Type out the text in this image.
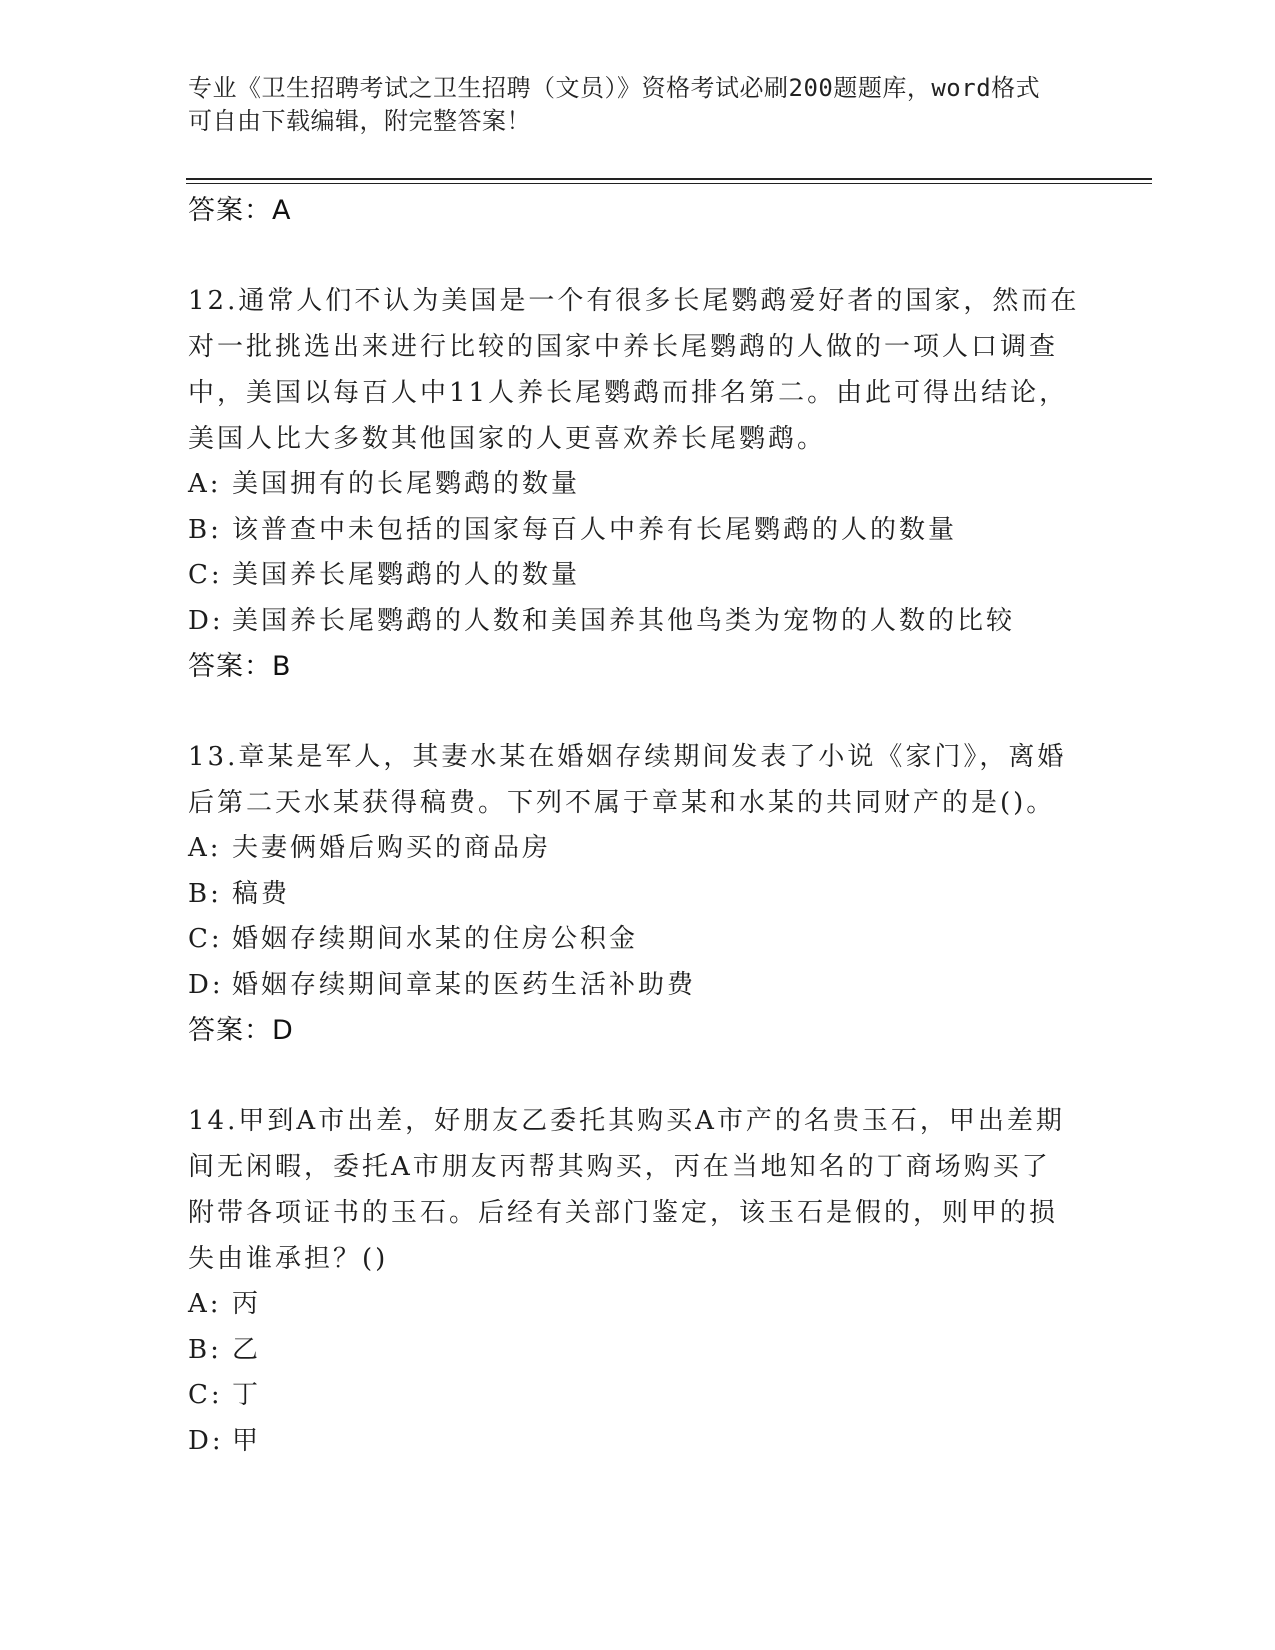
专业《卫生招聘考试之卫生招聘（文员）》资格考试必刷200题题库，word格式
可自由下载编辑，附完整答案！
答案：A
12.通常人们不认为美国是一个有很多长尾鹦鹉爱好者的国家，然而在
对一批挑选出来进行比较的国家中养长尾鹦鹉的人做的一项人口调查
中，美国以每百人中11人养长尾鹦鹉而排名第二。由此可得出结论，
美国人比大多数其他国家的人更喜欢养长尾鹦鹉。
A: 美国拥有的长尾鹦鹉的数量
B: 该普查中未包括的国家每百人中养有长尾鹦鹉的人的数量
C: 美国养长尾鹦鹉的人的数量
D: 美国养长尾鹦鹉的人数和美国养其他鸟类为宠物的人数的比较
答案：B
13.章某是军人，其妻水某在婚姻存续期间发表了小说《家门》，离婚
后第二天水某获得稿费。下列不属于章某和水某的共同财产的是()。
A: 夫妻俩婚后购买的商品房
B: 稿费
C: 婚姻存续期间水某的住房公积金
D: 婚姻存续期间章某的医药生活补助费
答案：D
14.甲到A市出差，好朋友乙委托其购买A市产的名贵玉石，甲出差期
间无闲暇，委托A市朋友丙帮其购买，丙在当地知名的丁商场购买了
附带各项证书的玉石。后经有关部门鉴定，该玉石是假的，则甲的损
失由谁承担？()
A: 丙
B: 乙
C: 丁
D: 甲
